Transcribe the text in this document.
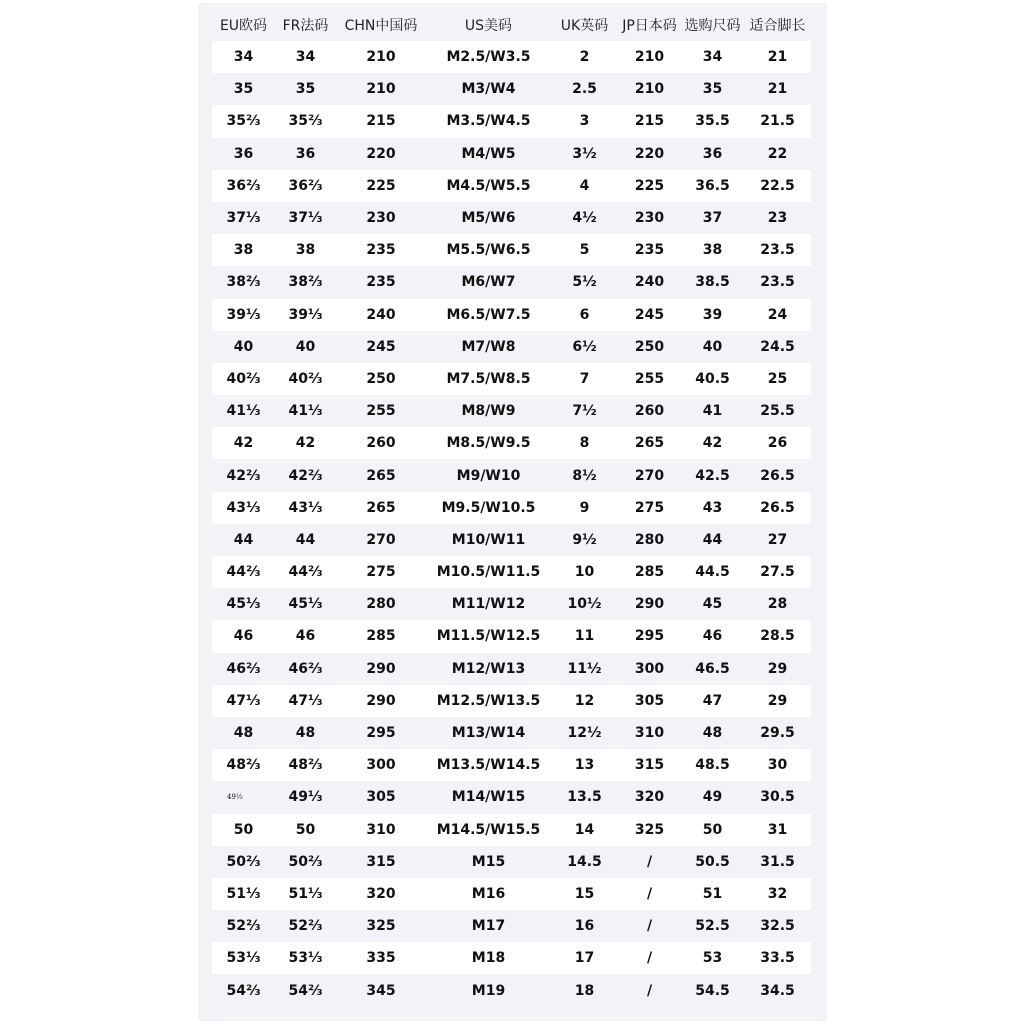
EU欧码	FR法码	CHN中国码	US美码	UK英码	JP日本码	选购尺码	适合脚长
34	34	210	M2.5/W3.5	2	210	34	21
35	35	210	M3/W4	2.5	210	35	21
35⅔	35⅔	215	M3.5/W4.5	3	215	35.5	21.5
36	36	220	M4/W5	3½	220	36	22
36⅔	36⅔	225	M4.5/W5.5	4	225	36.5	22.5
37⅓	37⅓	230	M5/W6	4½	230	37	23
38	38	235	M5.5/W6.5	5	235	38	23.5
38⅔	38⅔	235	M6/W7	5½	240	38.5	23.5
39⅓	39⅓	240	M6.5/W7.5	6	245	39	24
40	40	245	M7/W8	6½	250	40	24.5
40⅔	40⅔	250	M7.5/W8.5	7	255	40.5	25
41⅓	41⅓	255	M8/W9	7½	260	41	25.5
42	42	260	M8.5/W9.5	8	265	42	26
42⅔	42⅔	265	M9/W10	8½	270	42.5	26.5
43⅓	43⅓	265	M9.5/W10.5	9	275	43	26.5
44	44	270	M10/W11	9½	280	44	27
44⅔	44⅔	275	M10.5/W11.5	10	285	44.5	27.5
45⅓	45⅓	280	M11/W12	10½	290	45	28
46	46	285	M11.5/W12.5	11	295	46	28.5
46⅔	46⅔	290	M12/W13	11½	300	46.5	29
47⅓	47⅓	290	M12.5/W13.5	12	305	47	29
48	48	295	M13/W14	12½	310	48	29.5
48⅔	48⅔	300	M13.5/W14.5	13	315	48.5	30
49⅓	49⅓	305	M14/W15	13.5	320	49	30.5
50	50	310	M14.5/W15.5	14	325	50	31
50⅔	50⅔	315	M15	14.5	/	50.5	31.5
51⅓	51⅓	320	M16	15	/	51	32
52⅔	52⅔	325	M17	16	/	52.5	32.5
53⅓	53⅓	335	M18	17	/	53	33.5
54⅔	54⅔	345	M19	18	/	54.5	34.5
